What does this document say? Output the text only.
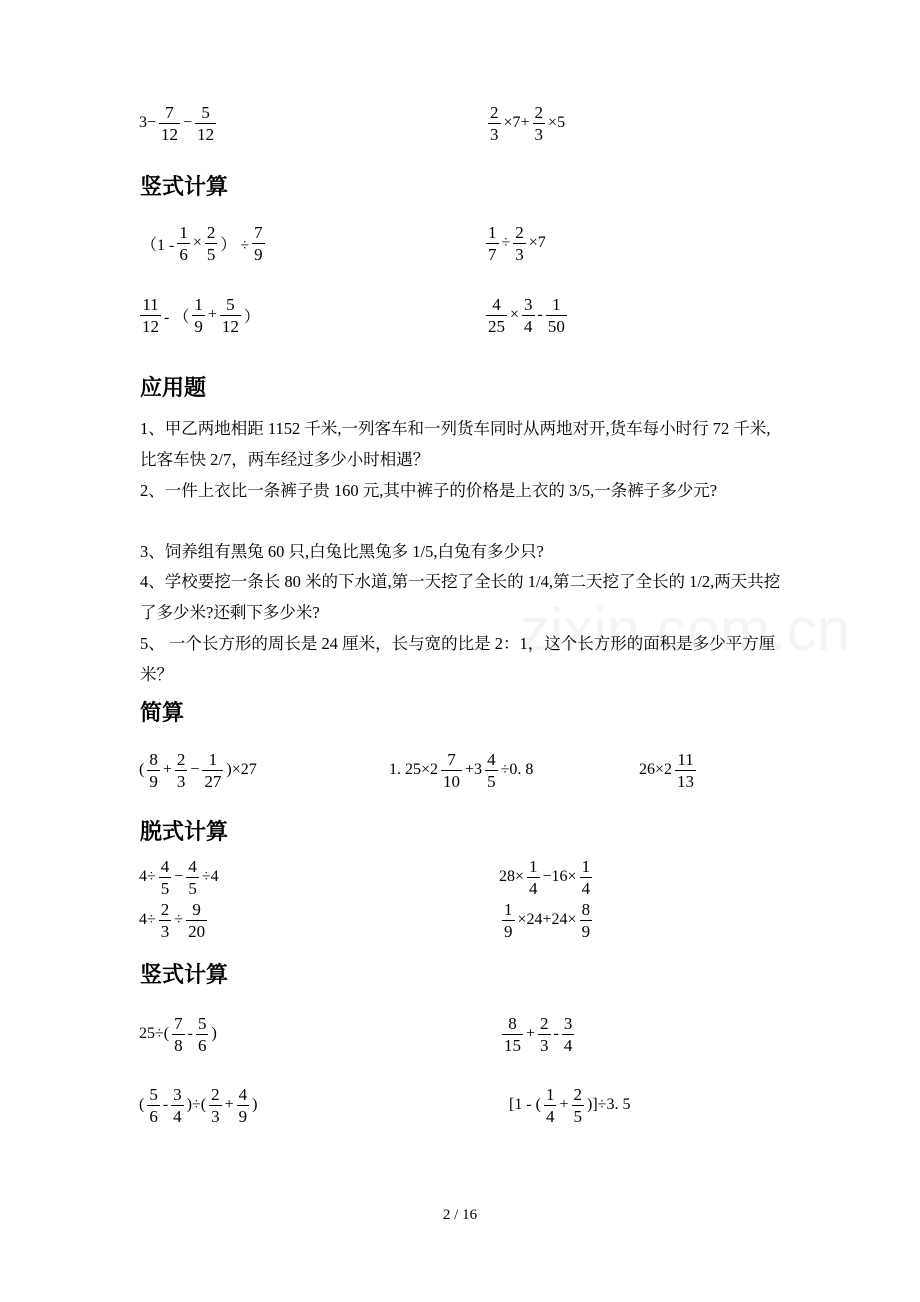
$3- \frac{7}{12} - \frac{5}{12}$	$\frac{2}{3} \times 7+ \frac{2}{3} \times 5$
竖式计算
（$1 - \frac{1}{6} \times \frac{2}{5}$ ） ÷ $\frac{7}{9}$	$\frac{1}{7} \div \frac{2}{3} \times 7$
$\frac{11}{12}$ - （ $\frac{1}{9} + \frac{5}{12}$ ）	$\frac{4}{25} \times \frac{3}{4} - \frac{1}{50}$
应用题
1、甲乙两地相距 1152 千米,一列客车和一列货车同时从两地对开,货车每小时行 72 千米,比客车快 2/7，两车经过多少小时相遇？
2、一件上衣比一条裤子贵 160 元,其中裤子的价格是上衣的 3/5,一条裤子多少元?
3、饲养组有黑兔 60 只,白兔比黑兔多 1/5,白兔有多少只?
4、学校要挖一条长 80 米的下水道,第一天挖了全长的 1/4,第二天挖了全长的 1/2,两天共挖了多少米?还剩下多少米?
5、 一个长方形的周长是 24 厘米，长与宽的比是 2：1，这个长方形的面积是多少平方厘米？
简算
( $\frac{8}{9} + \frac{2}{3} - \frac{1}{27} )\times 27$	1. $25\times 2 \frac{7}{10} +3 \frac{4}{5} \div 0$. 8	$26\times 2 \frac{11}{13}$
脱式计算
$4\div \frac{4}{5} - \frac{4}{5} \div 4$	$28\times \frac{1}{4} -16\times \frac{1}{4}$
$4\div \frac{2}{3} \div \frac{9}{20}$	$\frac{1}{9} \times 24+24\times \frac{8}{9}$
竖式计算
$25\div( \frac{7}{8} - \frac{5}{6}$ )	$\frac{8}{15} + \frac{2}{3} - \frac{3}{4}$
( $\frac{5}{6} - \frac{3}{4}$ )÷( $\frac{2}{3} + \frac{4}{9}$ )	[1 - ( $\frac{1}{4} + \frac{2}{5} )]\div 3$. 5
2 / 16
